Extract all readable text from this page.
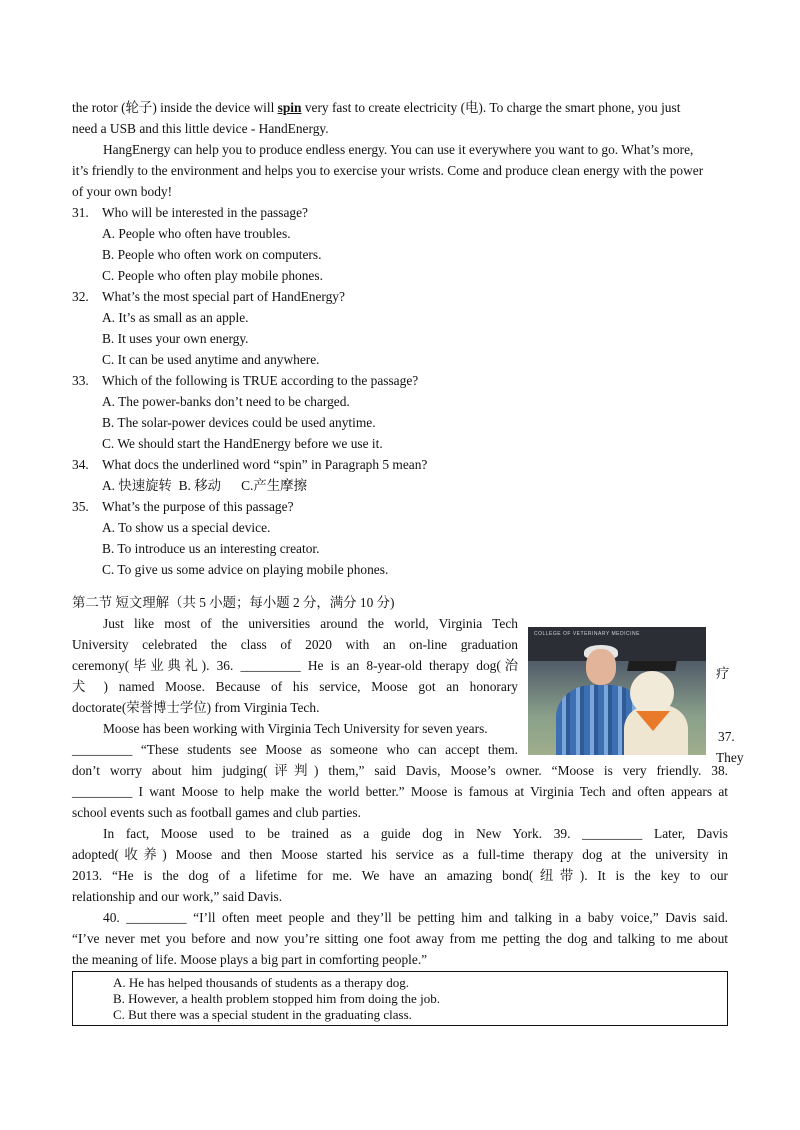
the rotor (轮子) inside the device will spin very fast to create electricity (电). To charge the smart phone, you just
need a USB and this little device - HandEnergy.
HangEnergy can help you to produce endless energy. You can use it everywhere you want to go. What’s more,
it’s friendly to the environment and helps you to exercise your wrists. Come and produce clean energy with the power
of your own body!
31. Who will be interested in the passage?
A. People who often have troubles.
B. People who often work on computers.
C. People who often play mobile phones.
32. What’s the most special part of HandEnergy?
A. It’s as small as an apple.
B. It uses your own energy.
C. It can be used anytime and anywhere.
33. Which of the following is TRUE according to the passage?
A. The power-banks don’t need to be charged.
B. The solar-power devices could be used anytime.
C. We should start the HandEnergy before we use it.
34. What docs the underlined word “spin” in Paragraph 5 mean?
A. 快速旋转  B. 移动      C.产生摩擦
35. What’s the purpose of this passage?
A. To show us a special device.
B. To introduce us an interesting creator.
C. To give us some advice on playing mobile phones.
第二节 短文理解（共 5 小题；每小题 2 分，满分 10 分)
Just like most of the universities around the world, Virginia Tech
University celebrated the class of 2020 with an on-line graduation
ceremony(毕业典礼). 36. _________ He is an 8-year-old therapy dog(治
犬 ) named Moose. Because of his service, Moose got an honorary
doctorate(荣誉博士学位) from Virginia Tech.
Moose has been working with Virginia Tech University for seven years.
_________ “These students see Moose as someone who can accept them.
don’t worry about him judging(评判) them,” said Davis, Moose’s owner. “Moose is very friendly. 38.
_________ I want Moose to help make the world better.” Moose is famous at Virginia Tech and often appears at
school events such as football games and club parties.
In fact, Moose used to be trained as a guide dog in New York. 39. _________ Later, Davis
adopted(收养) Moose and then Moose started his service as a full-time therapy dog at the university in
2013. “He is the dog of a lifetime for me. We have an amazing bond(纽带). It is the key to our
relationship and our work,” said Davis.
40. _________ “I’ll often meet people and they’ll be petting him and talking in a baby voice,” Davis said.
“I’ve never met you before and now you’re sitting one foot away from me petting the dog and talking to me about
the meaning of life. Moose plays a big part in comforting people.”
A. He has helped thousands of students as a therapy dog.
B. However, a health problem stopped him from doing the job.
C. But there was a special student in the graduating class.
COLLEGE OF VETERINARY MEDICINE
疗
37.
They
